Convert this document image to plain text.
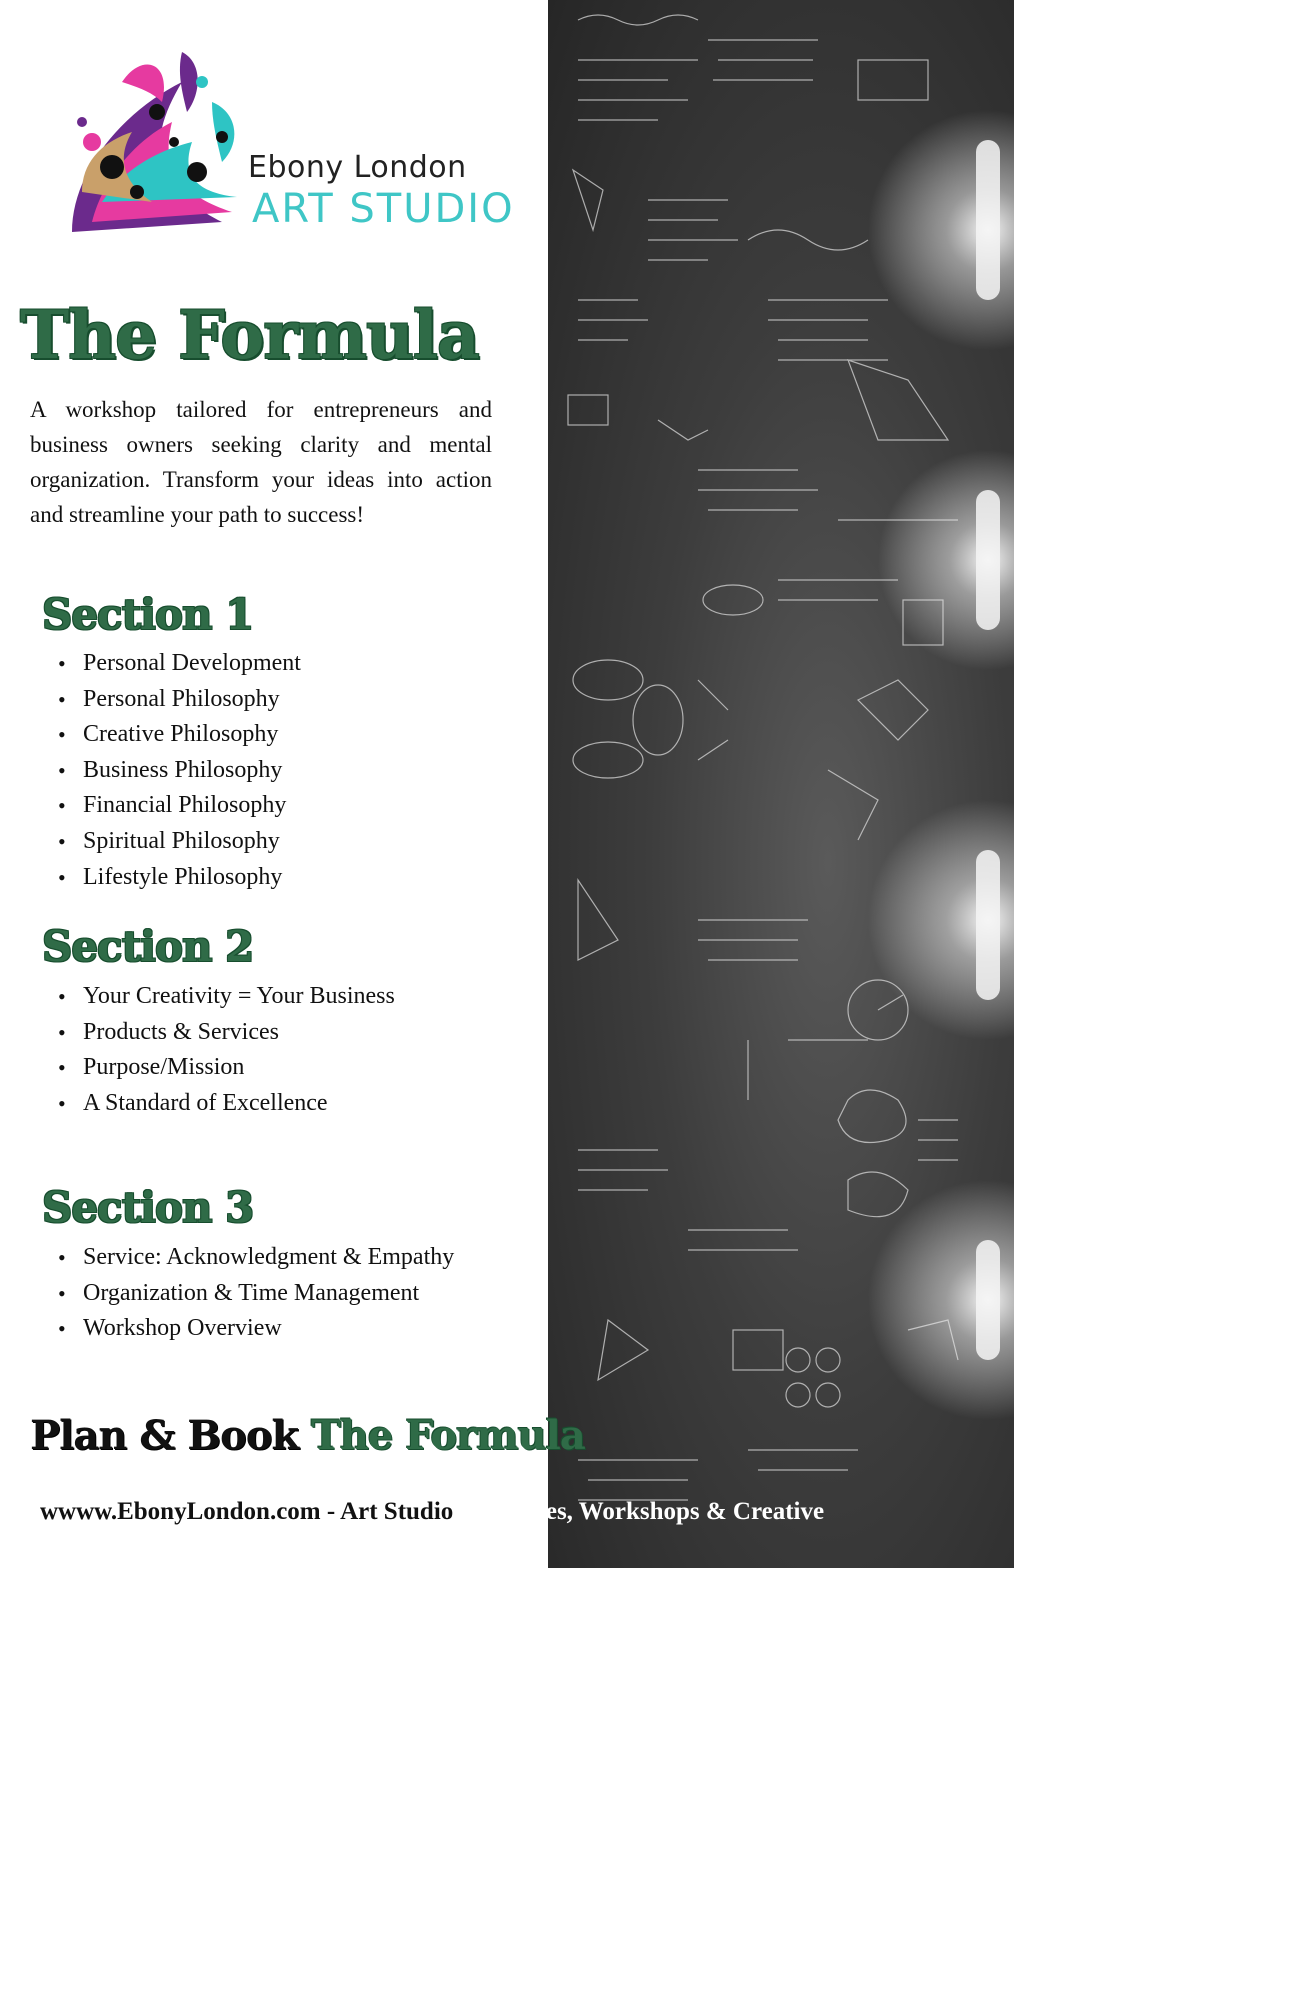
Ebony London
ART STUDIO
The Formula
A workshop tailored for entrepreneurs and business owners seeking clarity and mental organization. Transform your ideas into action and streamline your path to success!
Section 1
• Personal Development
• Personal Philosophy
• Creative Philosophy
• Business Philosophy
• Financial Philosophy
• Spiritual Philosophy
• Lifestyle Philosophy
Section 2
• Your Creativity = Your Business
• Products & Services
• Purpose/Mission
• A Standard of Excellence
Section 3
• Service: Acknowledgment & Empathy
• Organization & Time Management
• Workshop Overview
Plan & Book The Formula
wwww.EbonyLondon.com - Art Studio - Lectures, Workshops & Creative
